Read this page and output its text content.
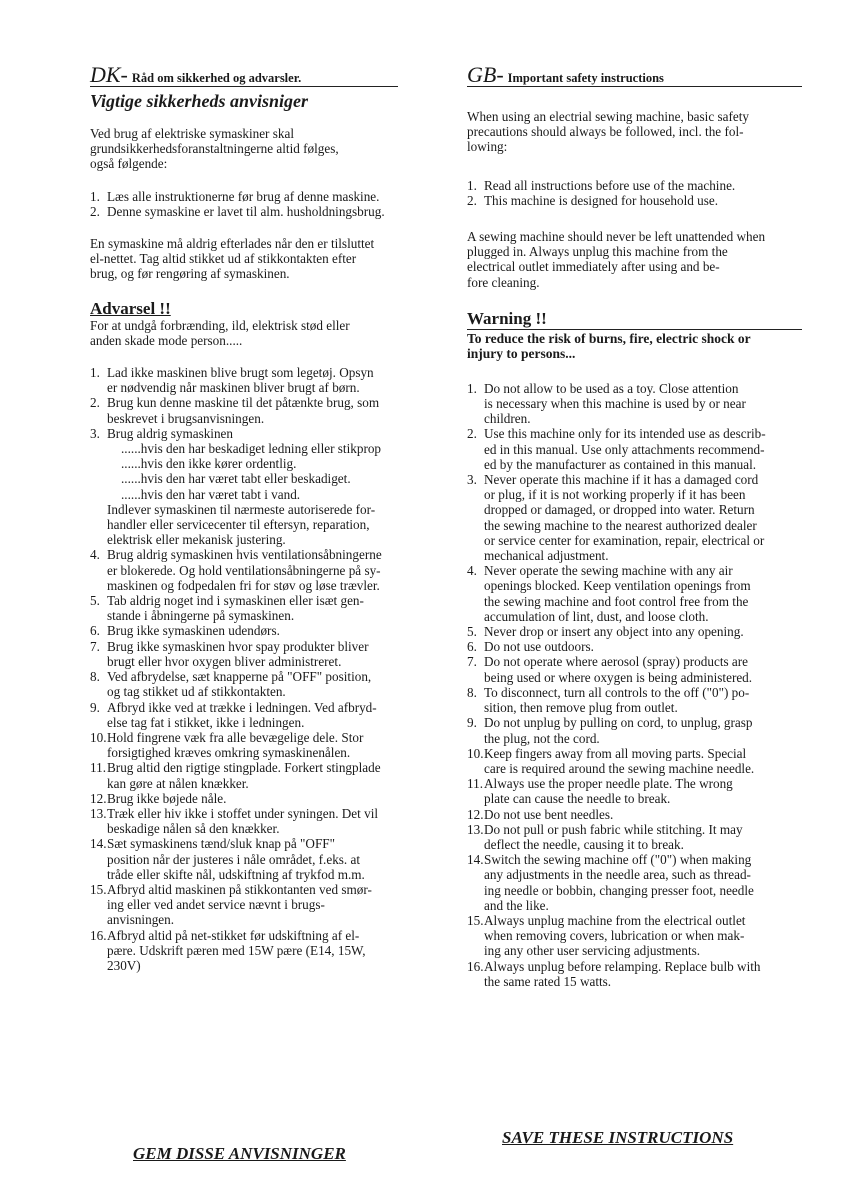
DK- Råd om sikkerhed og advarsler.
Vigtige sikkerheds anvisniger

Ved brug af elektriske symaskiner skal

grundsikkerhedsforanstaltningerne altid følges,

også følgende:

1. Læs alle instruktionerne før brug af denne maskine.
2. Denne symaskine er lavet til alm. husholdningsbrug.

En symaskine må aldrig efterlades når den er tilsluttet

el-nettet. Tag altid stikket ud af stikkontakten efter

brug, og før rengøring af symaskinen.

Advarsel !!

For at undgå forbrænding, ild, elektrisk stød eller

anden skade mode person.....

1. Lad ikke maskinen blive brugt som legetøj. Opsyn
er nødvendig når maskinen bliver brugt af børn.
2. Brug kun denne maskine til det påtænkte brug, som
beskrevet i brugsanvisningen.
3. Brug aldrig symaskinen
......hvis den har beskadiget ledning eller stikprop
......hvis den ikke kører ordentlig.
......hvis den har været tabt eller beskadiget.
......hvis den har været tabt i vand.
Indlever symaskinen til nærmeste autoriserede for-
handler eller servicecenter til eftersyn, reparation,
elektrisk eller mekanisk justering.
4. Brug aldrig symaskinen hvis ventilationsåbningerne
er blokerede. Og hold ventilationsåbningerne på sy-
maskinen og fodpedalen fri for støv og løse trævler.
5. Tab aldrig noget ind i symaskinen eller isæt gen-
stande i åbningerne på symaskinen.
6. Brug ikke symaskinen udendørs.
7. Brug ikke symaskinen hvor spay produkter bliver
brugt eller hvor oxygen bliver administreret.
8. Ved afbrydelse, sæt knapperne på "OFF" position,
og tag stikket ud af stikkontakten.
9. Afbryd ikke ved at trække i ledningen. Ved afbryd-
else tag fat i stikket, ikke i ledningen.
10. Hold fingrene væk fra alle bevægelige dele. Stor
forsigtighed kræves omkring symaskinenålen.
11. Brug altid den rigtige stingplade. Forkert stingplade
kan gøre at nålen knækker.
12. Brug ikke bøjede nåle.
13. Træk eller hiv ikke i stoffet under syningen. Det vil
beskadige nålen så den knækker.
14. Sæt symaskinens tænd/sluk knap på "OFF"
position når der justeres i nåle området, f.eks. at
tråde eller skifte nål, udskiftning af trykfod m.m.
15. Afbryd altid maskinen på stikkontanten ved smør-
ing eller ved andet service nævnt i brugs-
anvisningen.
16. Afbryd altid på net-stikket før udskiftning af el-
pære. Udskrift pæren med 15W pære (E14, 15W,
230V)
GB- Important safety instructions

When using an electrial sewing machine, basic safety

precautions should always be followed, incl. the fol-

lowing:

1. Read all instructions before use of the machine.
2. This machine is designed for household use.

A sewing machine should never be left unattended when

plugged in. Always unplug this machine from the

electrical outlet immediately after using and be-

fore cleaning.

Warning !!
To reduce the risk of burns, fire, electric shock or
injury to persons...
1. Do not allow to be used as a toy. Close attention
is necessary when this machine is used by or near
children.
2. Use this machine only for its intended use as describ-
ed in this manual. Use only attachments recommend-
ed by the manufacturer as contained in this manual.
3. Never operate this machine if it has a damaged cord
or plug, if it is not working properly if it has been
dropped or damaged, or dropped into water. Return
the sewing machine to the nearest authorized dealer
or service center for examination, repair, electrical or
mechanical adjustment.
4. Never operate the sewing machine with any air
openings blocked. Keep ventilation openings from
the sewing machine and foot control free from the
accumulation of lint, dust, and loose cloth.
5. Never drop or insert any object into any opening.
6. Do not use outdoors.
7. Do not operate where aerosol (spray) products are
being used or where oxygen is being administered.
8. To disconnect, turn all controls to the off ("0") po-
sition, then remove plug from outlet.
9. Do not unplug by pulling on cord, to unplug, grasp
the plug, not the cord.
10. Keep fingers away from all moving parts. Special
care is required around the sewing machine needle.
11. Always use the proper needle plate. The wrong
plate can cause the needle to break.
12. Do not use bent needles.
13. Do not pull or push fabric while stitching. It may
deflect the needle, causing it to break.
14. Switch the sewing machine off ("0") when making
any adjustments in the needle area, such as thread-
ing needle or bobbin, changing presser foot, needle
and the like.
15. Always unplug machine from the electrical outlet
when removing covers, lubrication or when mak-
ing any other user servicing adjustments.
16. Always unplug before relamping. Replace bulb with
the same rated 15 watts.
GEM DISSE ANVISNINGER
SAVE THESE INSTRUCTIONS
